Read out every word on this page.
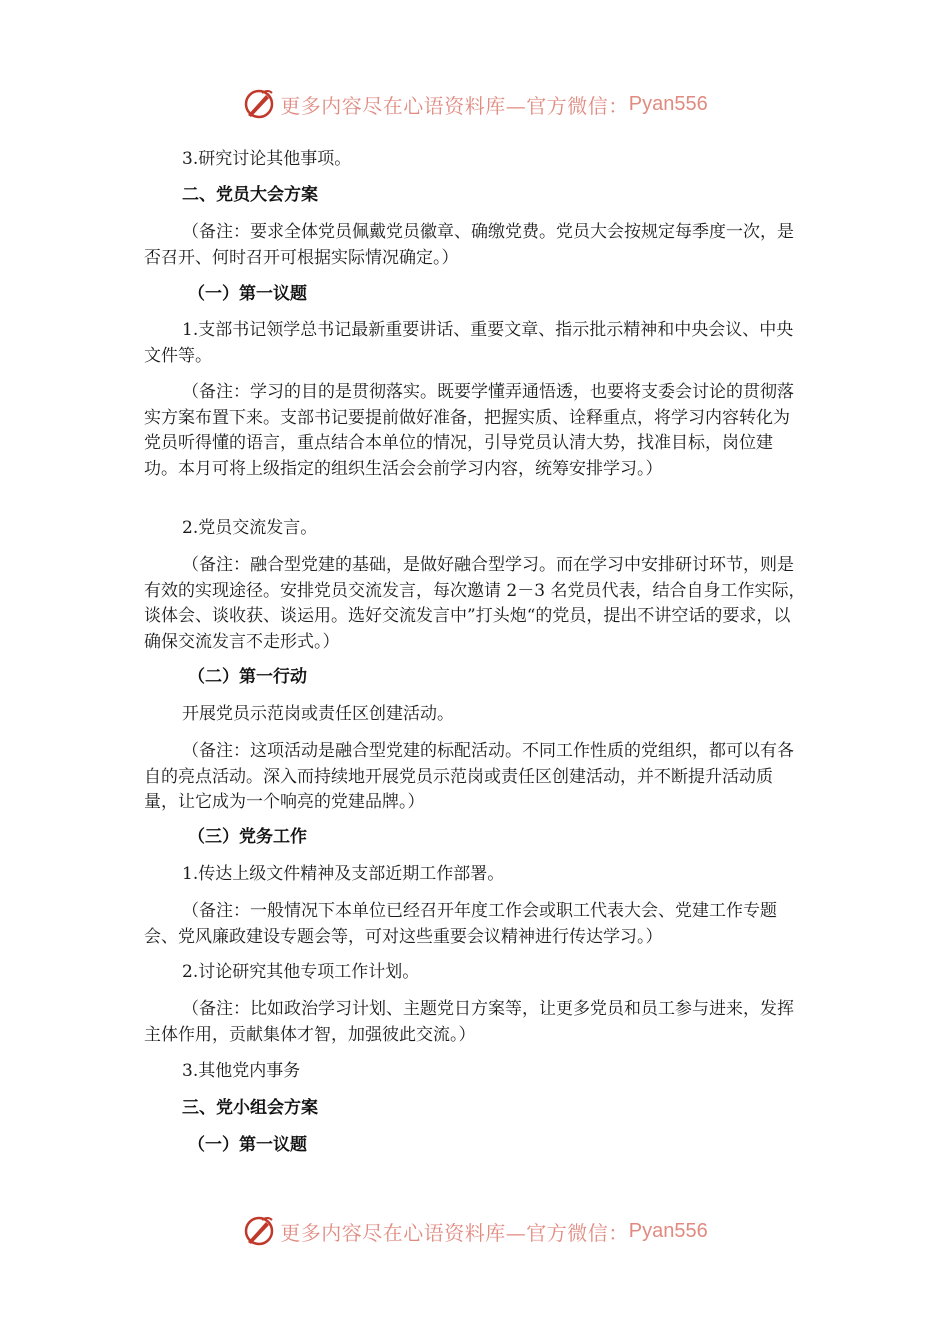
更多内容尽在心语资料库—官方微信： Pyan556

3.研究讨论其他事项。

二、党员大会方案

（备注：要求全体党员佩戴党员徽章、确缴党费。党员大会按规定每季度一次，是否召开、何时召开可根据实际情况确定。）

（一）第一议题

1.支部书记领学总书记最新重要讲话、重要文章、指示批示精神和中央会议、中央文件等。

（备注：学习的目的是贯彻落实。既要学懂弄通悟透，也要将支委会讨论的贯彻落实方案布置下来。支部书记要提前做好准备，把握实质、诠释重点，将学习内容转化为党员听得懂的语言，重点结合本单位的情况，引导党员认清大势，找准目标，岗位建功。本月可将上级指定的组织生活会会前学习内容，统筹安排学习。）

2.党员交流发言。

（备注：融合型党建的基础，是做好融合型学习。而在学习中安排研讨环节，则是有效的实现途径。安排党员交流发言，每次邀请 2－3 名党员代表，结合自身工作实际，谈体会、谈收获、谈运用。选好交流发言中”打头炮“的党员，提出不讲空话的要求，以确保交流发言不走形式。）

（二）第一行动

开展党员示范岗或责任区创建活动。

（备注：这项活动是融合型党建的标配活动。不同工作性质的党组织，都可以有各自的亮点活动。深入而持续地开展党员示范岗或责任区创建活动，并不断提升活动质量，让它成为一个响亮的党建品牌。）

（三）党务工作

1.传达上级文件精神及支部近期工作部署。

（备注：一般情况下本单位已经召开年度工作会或职工代表大会、党建工作专题会、党风廉政建设专题会等，可对这些重要会议精神进行传达学习。）

2.讨论研究其他专项工作计划。

（备注：比如政治学习计划、主题党日方案等，让更多党员和员工参与进来，发挥主体作用，贡献集体才智，加强彼此交流。）

3.其他党内事务

三、党小组会方案

（一）第一议题

更多内容尽在心语资料库—官方微信： Pyan556
